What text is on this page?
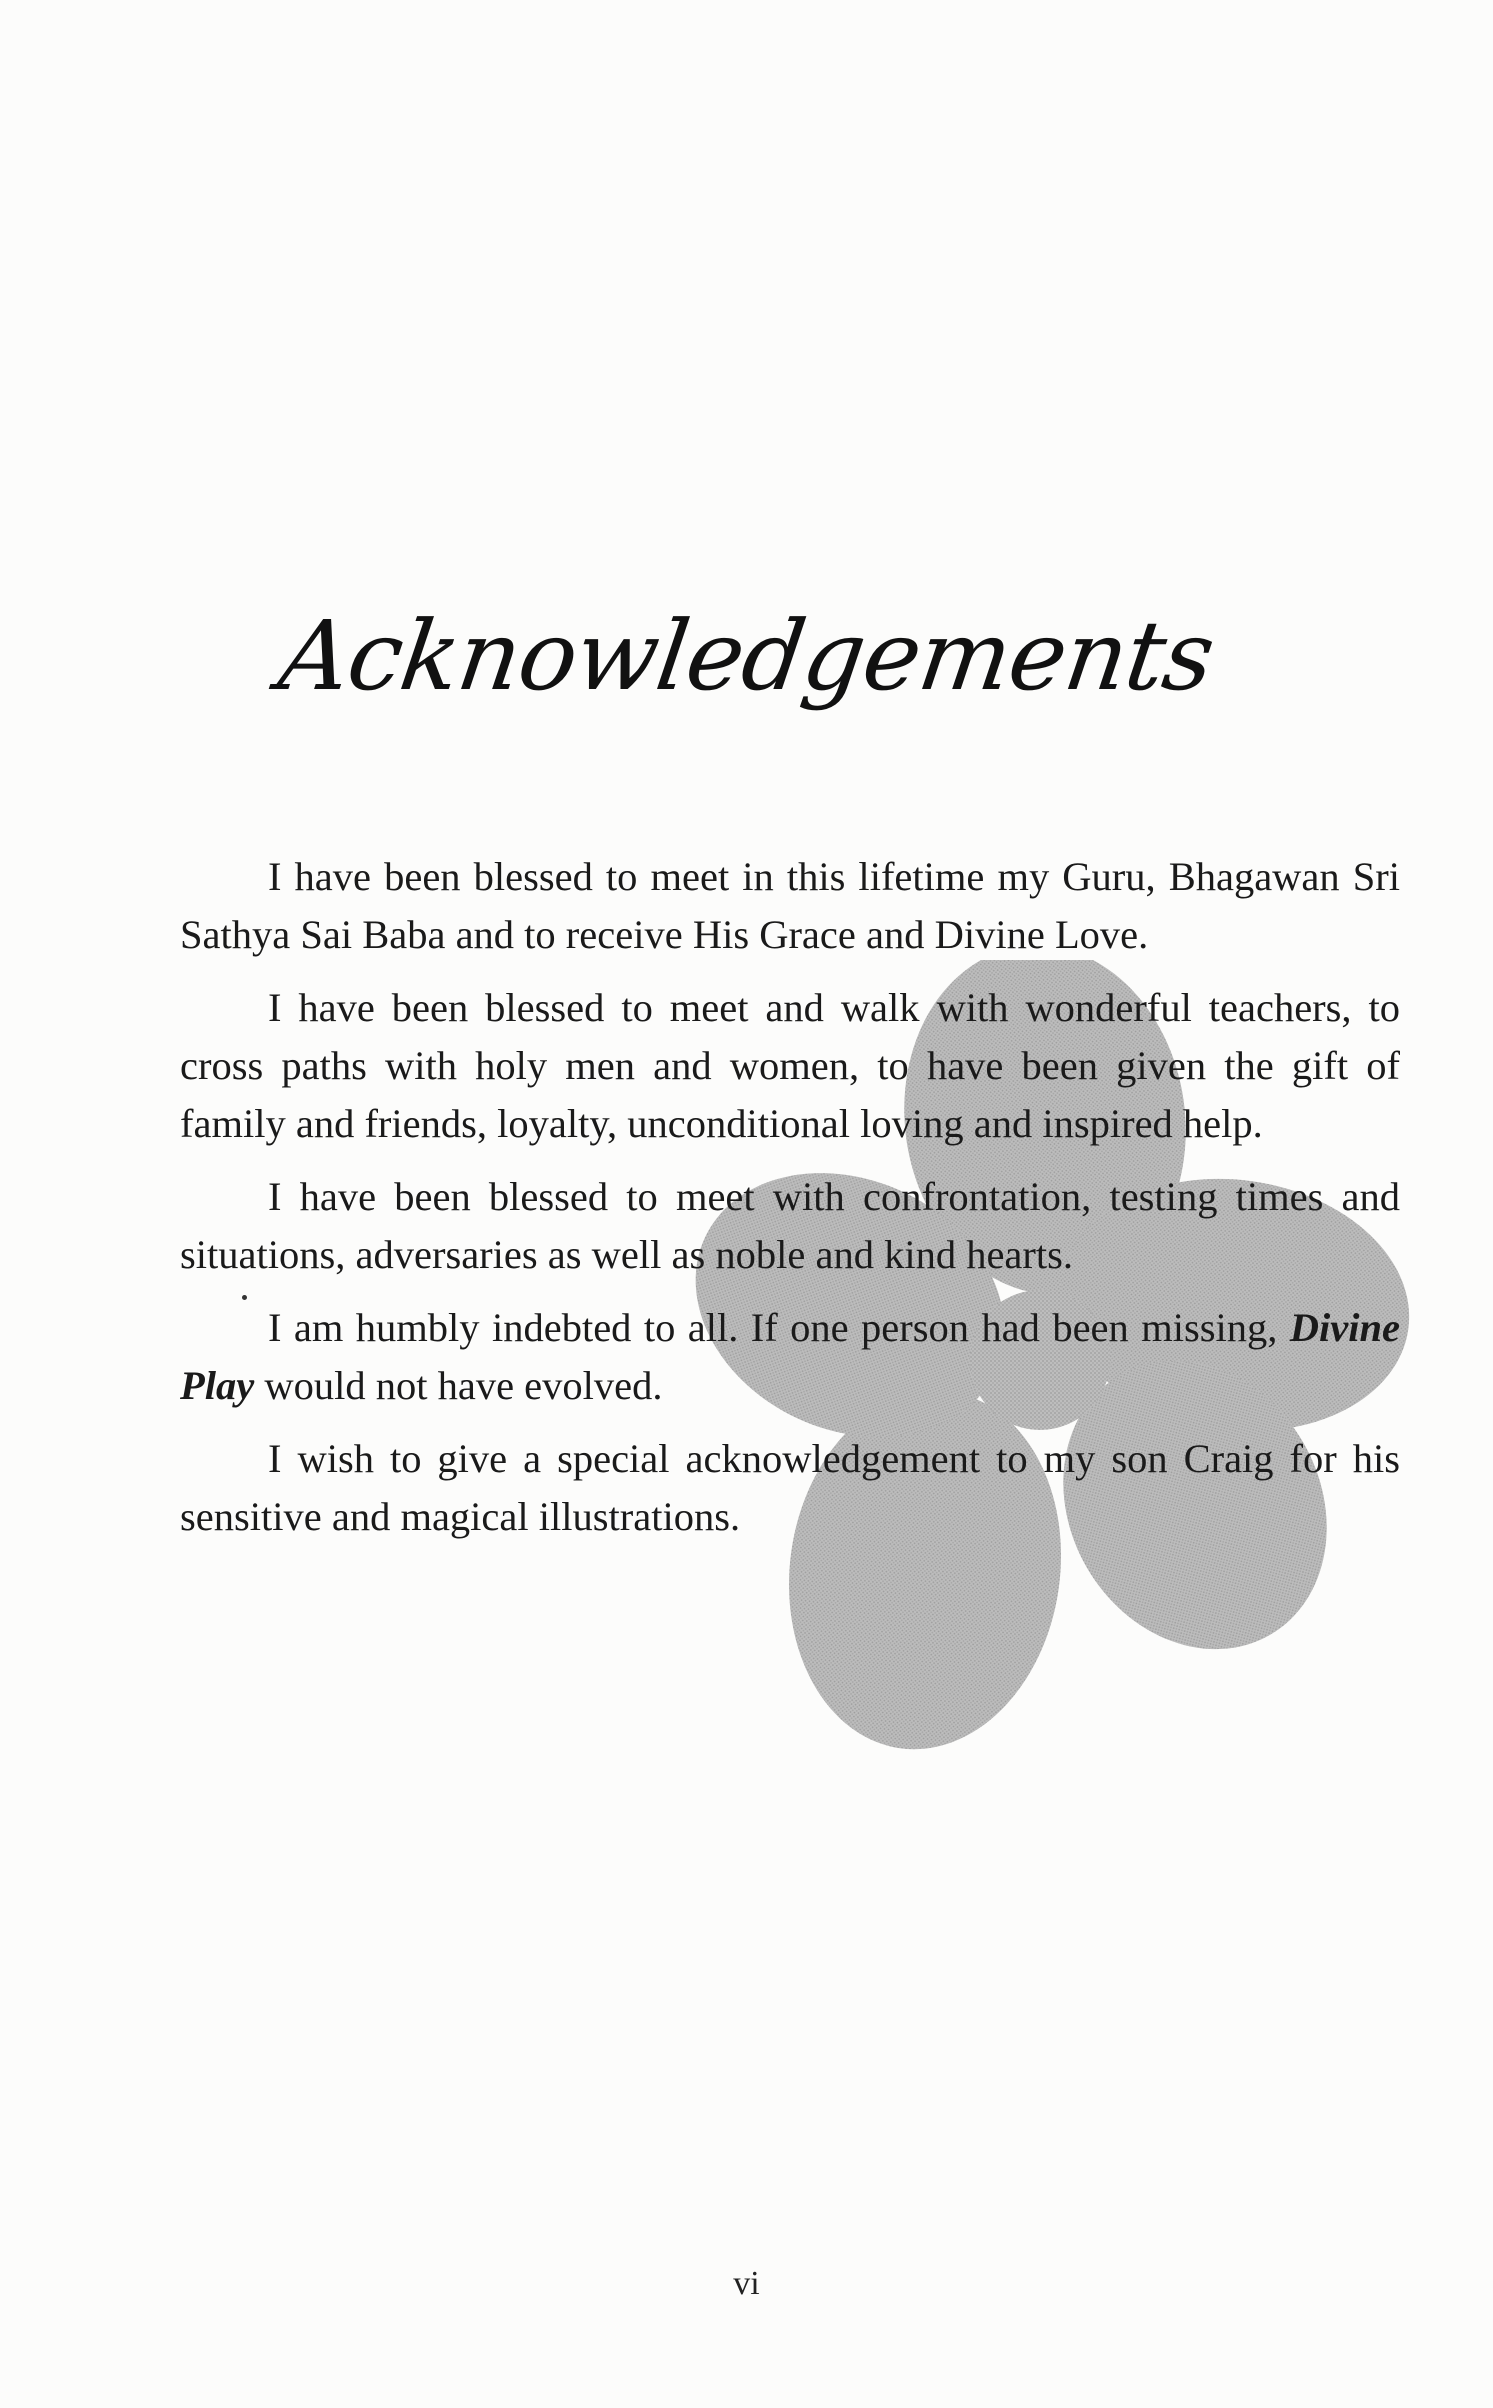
Acknowledgements

I have been blessed to meet in this lifetime my Guru, Bhagawan Sri Sathya Sai Baba and to receive His Grace and Divine Love.

I have been blessed to meet and walk with wonderful teachers, to cross paths with holy men and women, to have been given the gift of family and friends, loyalty, unconditional loving and inspired help.

I have been blessed to meet with confrontation, testing times and situations, adversaries as well as noble and kind hearts.

I am humbly indebted to all. If one person had been missing, Divine Play would not have evolved.

I wish to give a special acknowledgement to my son Craig for his sensitive and magical illustrations.

vi
